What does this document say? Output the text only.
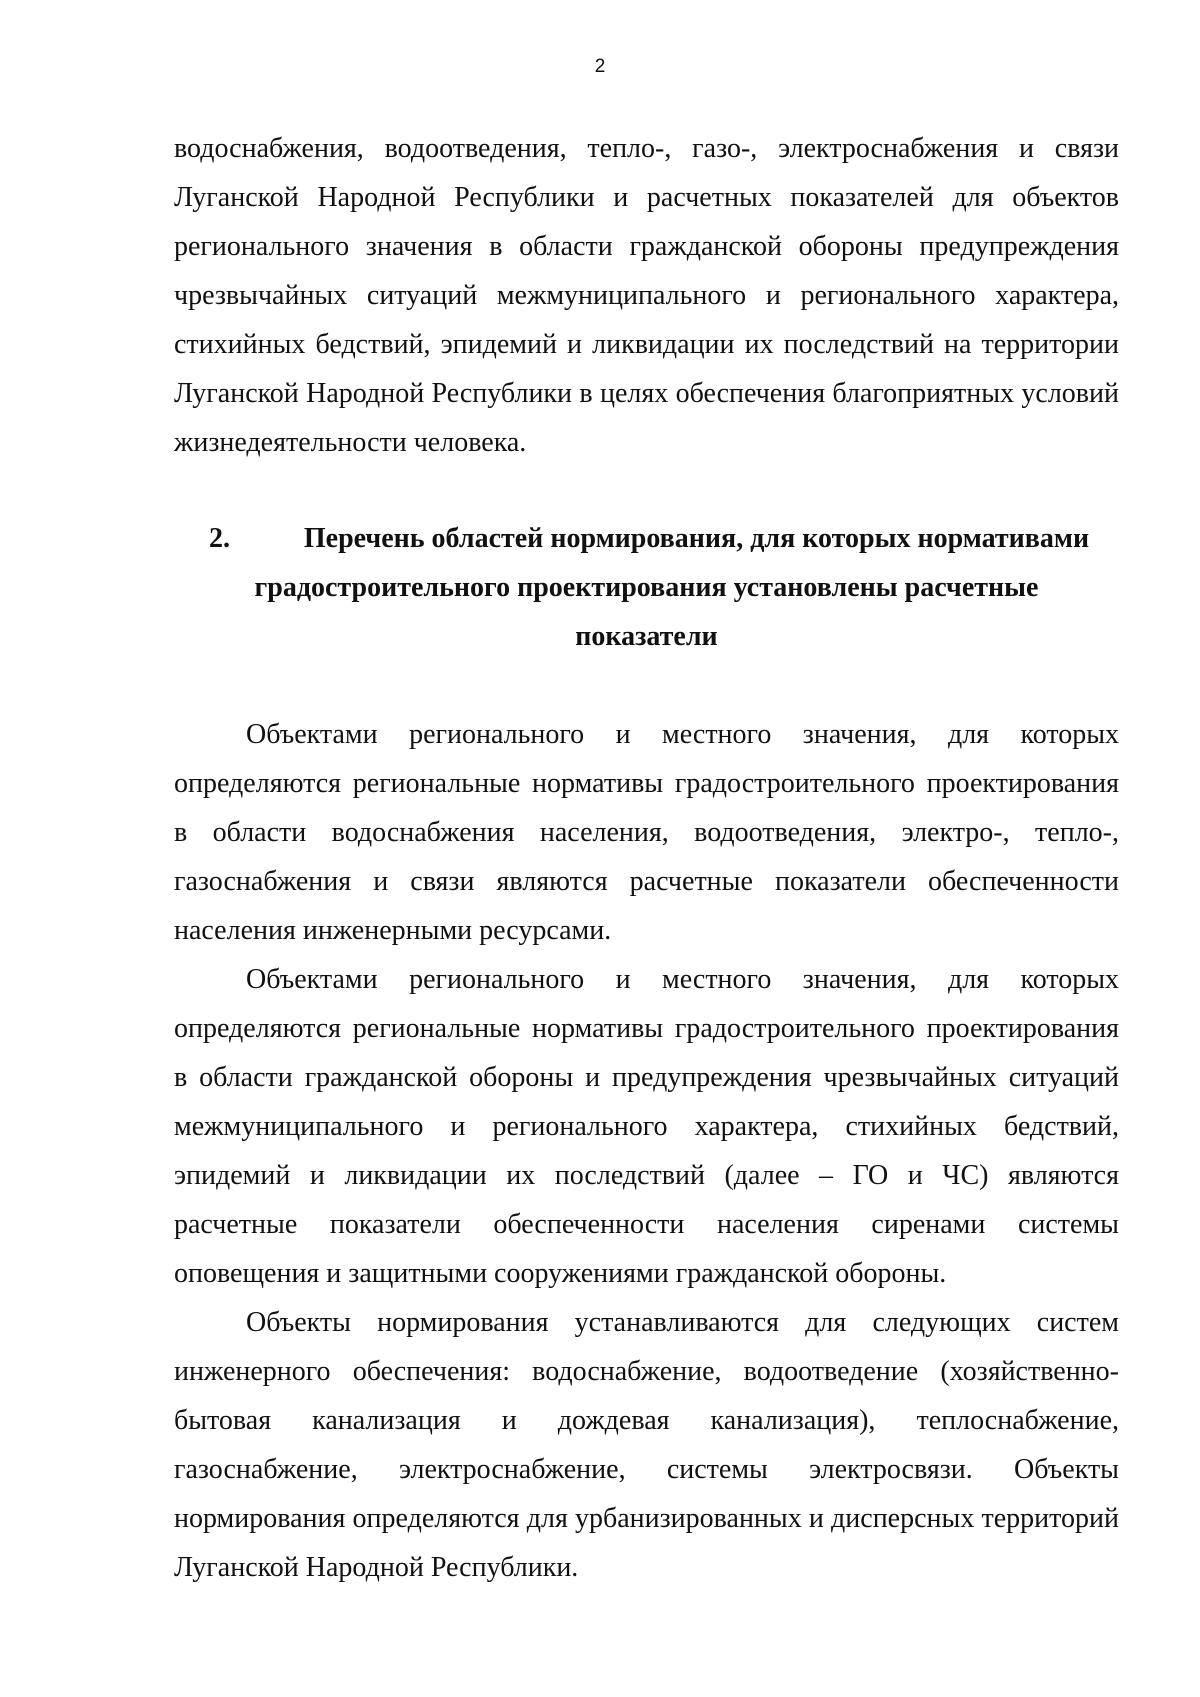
2

водоснабжения, водоотведения, тепло-, газо-, электроснабжения и связи Луганской Народной Республики и расчетных показателей для объектов регионального значения в области гражданской обороны предупреждения чрезвычайных ситуаций межмуниципального и регионального характера, стихийных бедствий, эпидемий и ликвидации их последствий на территории Луганской Народной Республики в целях обеспечения благоприятных условий жизнедеятельности человека.

2.	Перечень областей нормирования, для которых нормативами
градостроительного проектирования установлены расчетные
показатели

Объектами регионального и местного значения, для которых определяются региональные нормативы градостроительного проектирования в области водоснабжения населения, водоотведения, электро-, тепло-, газоснабжения и связи являются расчетные показатели обеспеченности населения инженерными ресурсами.

Объектами регионального и местного значения, для которых определяются региональные нормативы градостроительного проектирования в области гражданской обороны и предупреждения чрезвычайных ситуаций межмуниципального и регионального характера, стихийных бедствий, эпидемий и ликвидации их последствий (далее – ГО и ЧС) являются расчетные показатели обеспеченности населения сиренами системы оповещения и защитными сооружениями гражданской обороны.

Объекты нормирования устанавливаются для следующих систем инженерного обеспечения: водоснабжение, водоотведение (хозяйственно-бытовая канализация и дождевая канализация), теплоснабжение, газоснабжение, электроснабжение, системы электросвязи. Объекты нормирования определяются для урбанизированных и дисперсных территорий Луганской Народной Республики.
